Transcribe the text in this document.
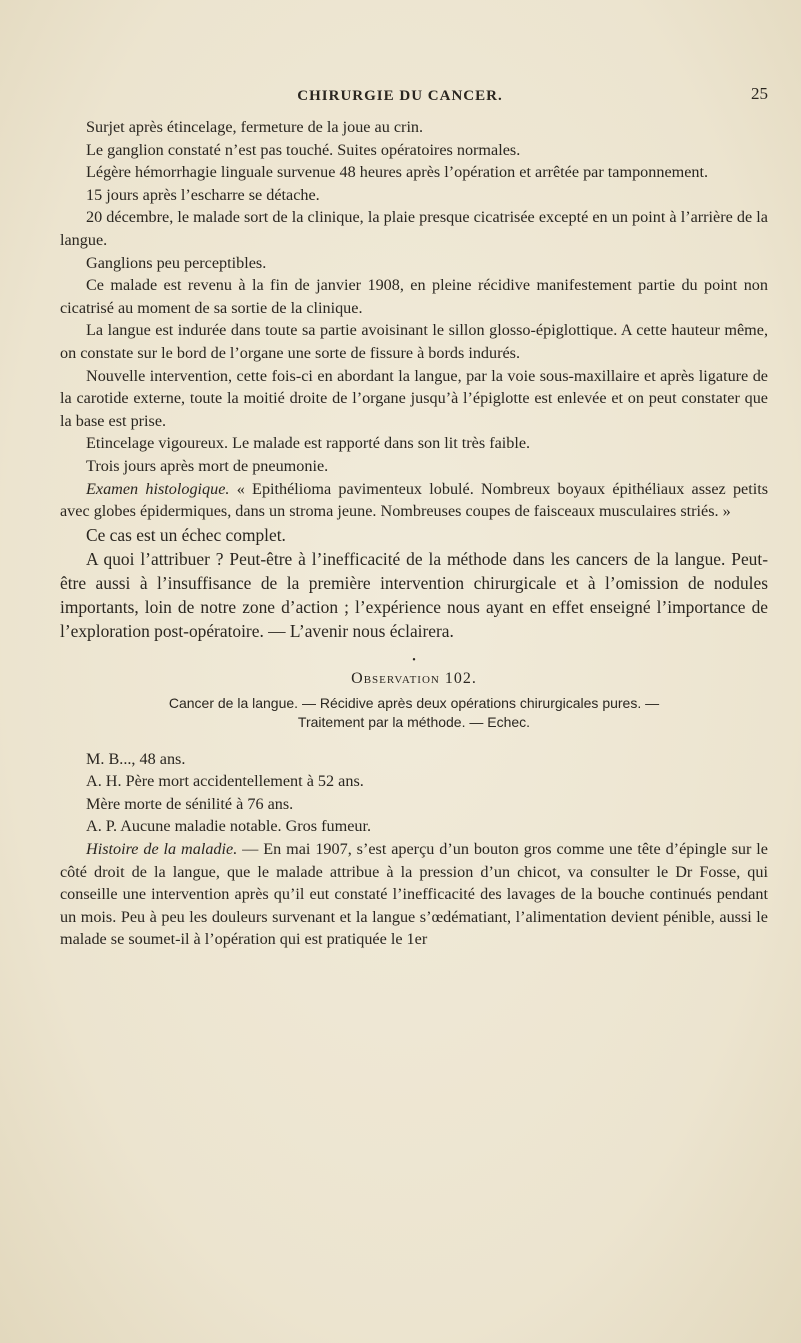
CHIRURGIE DU CANCER.	25

Surjet après étincelage, fermeture de la joue au crin.

Le ganglion constaté n’est pas touché. Suites opératoires normales.

Légère hémorrhagie linguale survenue 48 heures après l’opération et arrêtée par tamponnement.

15 jours après l’escharre se détache.

20 décembre, le malade sort de la clinique, la plaie presque cicatrisée excepté en un point à l’arrière de la langue.

Ganglions peu perceptibles.

Ce malade est revenu à la fin de janvier 1908, en pleine récidive manifestement partie du point non cicatrisé au moment de sa sortie de la clinique.

La langue est indurée dans toute sa partie avoisinant le sillon glosso-épiglottique. A cette hauteur même, on constate sur le bord de l’organe une sorte de fissure à bords indurés.

Nouvelle intervention, cette fois-ci en abordant la langue, par la voie sous-maxillaire et après ligature de la carotide externe, toute la moitié droite de l’organe jusqu’à l’épiglotte est enlevée et on peut constater que la base est prise.

Etincelage vigoureux. Le malade est rapporté dans son lit très faible.

Trois jours après mort de pneumonie.

Examen histologique. « Epithélioma pavimenteux lobulé. Nombreux boyaux épithéliaux assez petits avec globes épidermiques, dans un stroma jeune. Nombreuses coupes de faisceaux musculaires striés. »

Ce cas est un échec complet.

A quoi l’attribuer ? Peut-être à l’inefficacité de la méthode dans les cancers de la langue. Peut-être aussi à l’insuffisance de la première intervention chirurgicale et à l’omission de nodules importants, loin de notre zone d’action ; l’expérience nous ayant en effet enseigné l’importance de l’exploration post-opératoire. — L’avenir nous éclairera.

•
Observation 102.
Cancer de la langue. — Récidive après deux opérations chirurgicales pures. —
Traitement par la méthode. — Echec.

M. B..., 48 ans.

A. H. Père mort accidentellement à 52 ans.

Mère morte de sénilité à 76 ans.

A. P. Aucune maladie notable. Gros fumeur.

Histoire de la maladie. — En mai 1907, s’est aperçu d’un bouton gros comme une tête d’épingle sur le côté droit de la langue, que le malade attribue à la pression d’un chicot, va consulter le Dr Fosse, qui conseille une intervention après qu’il eut constaté l’inefficacité des lavages de la bouche continués pendant un mois. Peu à peu les douleurs survenant et la langue s’œdématiant, l’alimentation devient pénible, aussi le malade se soumet-il à l’opération qui est pratiquée le 1er
